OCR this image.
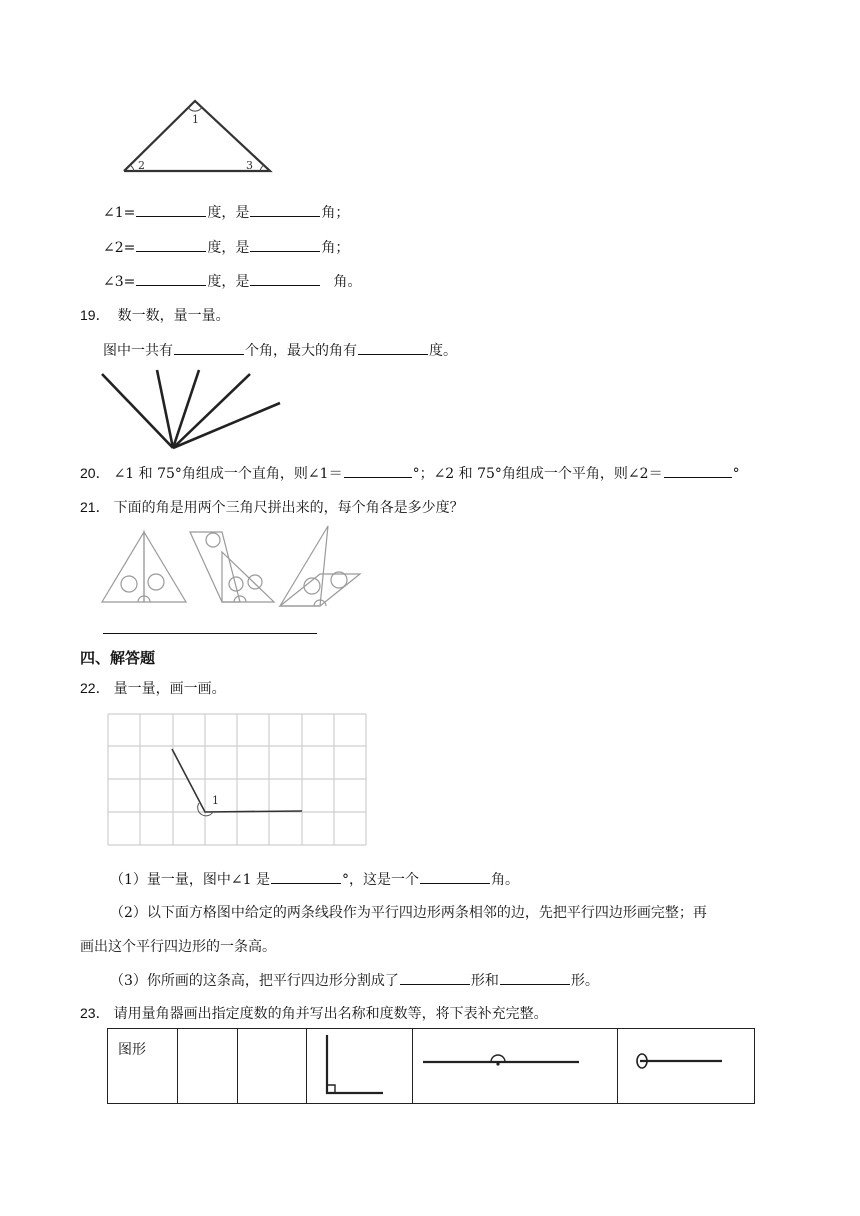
1
2	3
∠1=	度，是	角；
∠2=	度，是	角；
∠3=	度，是	角。
19． 数一数，量一量。
图中一共有	个角，最大的角有	度。
20． ∠1 和 75°角组成一个直角，则∠1＝	°；∠2 和 75°角组成一个平角，则∠2＝	°
21． 下面的角是用两个三角尺拼出来的，每个角各是多少度？
四、解答题
22． 量一量，画一画。
1
（1）量一量，图中∠1 是	°，这是一个	角。
（2）以下面方格图中给定的两条线段作为平行四边形两条相邻的边，先把平行四边形画完整；再
画出这个平行四边形的一条高。
（3）你所画的这条高，把平行四边形分割成了	形和	形。
23． 请用量角器画出指定度数的角并写出名称和度数等，将下表补充完整。
图形					
